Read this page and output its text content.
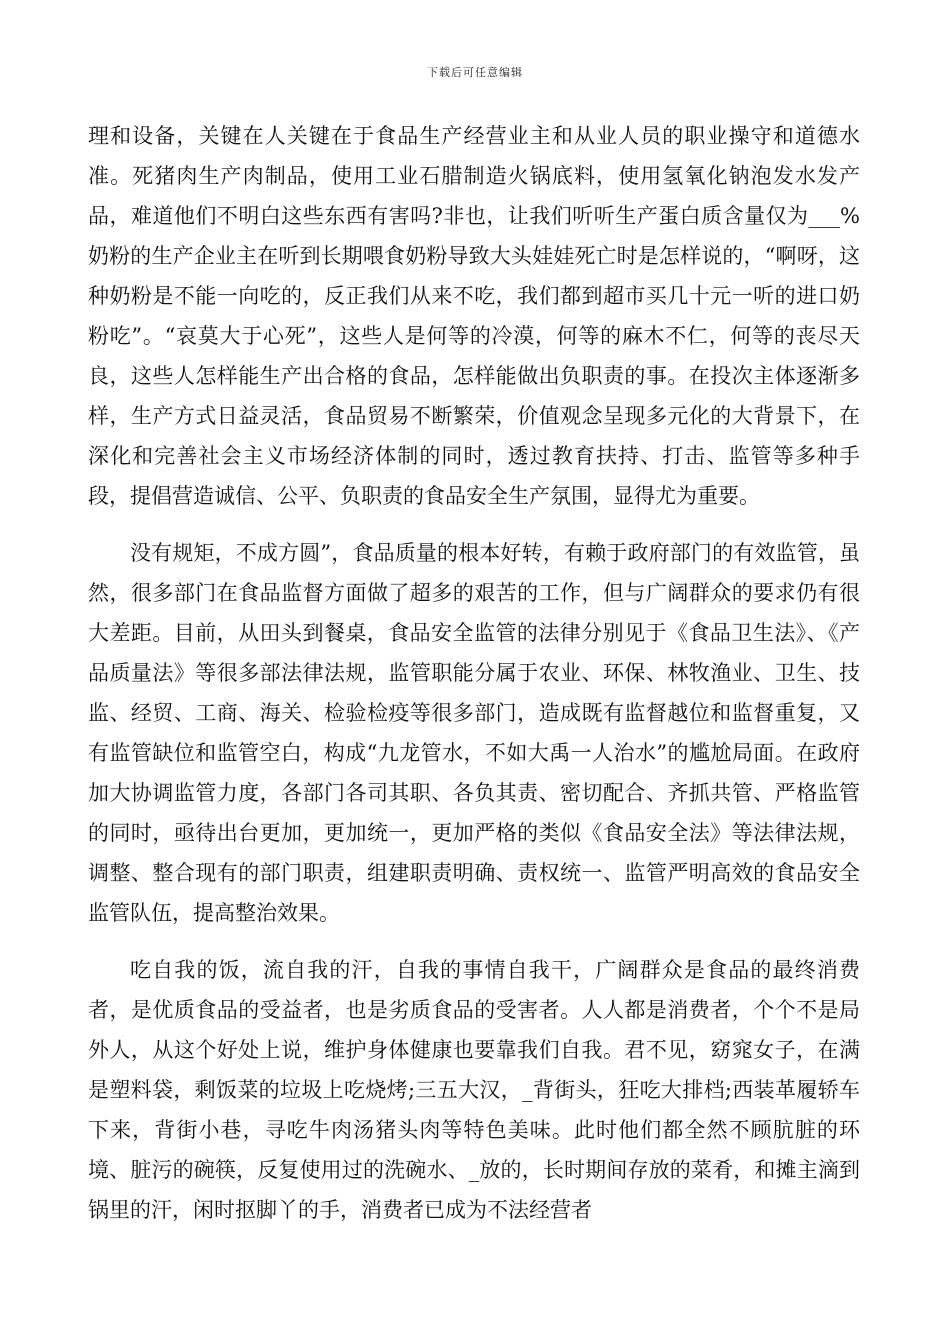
下载后可任意编辑

理和设备，关键在人关键在于食品生产经营业主和从业人员的职业操守和道德水准。死猪肉生产肉制品，使用工业石腊制造火锅底料，使用氢氧化钠泡发水发产品，难道他们不明白这些东西有害吗?非也，让我们听听生产蛋白质含量仅为___%奶粉的生产企业主在听到长期喂食奶粉导致大头娃娃死亡时是怎样说的，“啊呀，这种奶粉是不能一向吃的，反正我们从来不吃，我们都到超市买几十元一听的进口奶粉吃”。“哀莫大于心死”，这些人是何等的冷漠，何等的麻木不仁，何等的丧尽天良，这些人怎样能生产出合格的食品，怎样能做出负职责的事。在投次主体逐渐多样，生产方式日益灵活，食品贸易不断繁荣，价值观念呈现多元化的大背景下，在深化和完善社会主义市场经济体制的同时，透过教育扶持、打击、监管等多种手段，提倡营造诚信、公平、负职责的食品安全生产氛围，显得尤为重要。

没有规矩，不成方圆”，食品质量的根本好转，有赖于政府部门的有效监管，虽然，很多部门在食品监督方面做了超多的艰苦的工作，但与广阔群众的要求仍有很大差距。目前，从田头到餐桌，食品安全监管的法律分别见于《食品卫生法》、《产品质量法》等很多部法律法规，监管职能分属于农业、环保、林牧渔业、卫生、技监、经贸、工商、海关、检验检疫等很多部门，造成既有监督越位和监督重复，又有监管缺位和监管空白，构成“九龙管水，不如大禹一人治水”的尴尬局面。在政府加大协调监管力度，各部门各司其职、各负其责、密切配合、齐抓共管、严格监管的同时，亟待出台更加，更加统一，更加严格的类似《食品安全法》等法律法规，调整、整合现有的部门职责，组建职责明确、责权统一、监管严明高效的食品安全监管队伍，提高整治效果。

吃自我的饭，流自我的汗，自我的事情自我干，广阔群众是食品的最终消费者，是优质食品的受益者，也是劣质食品的受害者。人人都是消费者，个个不是局外人，从这个好处上说，维护身体健康也要靠我们自我。君不见，窈窕女子，在满是塑料袋，剩饭菜的垃圾上吃烧烤;三五大汉，_背街头，狂吃大排档;西装革履轿车下来，背街小巷，寻吃牛肉汤猪头肉等特色美味。此时他们都全然不顾肮脏的环境、脏污的碗筷，反复使用过的洗碗水、_放的，长时期间存放的菜肴，和摊主滴到锅里的汗，闲时抠脚丫的手，消费者已成为不法经营者
